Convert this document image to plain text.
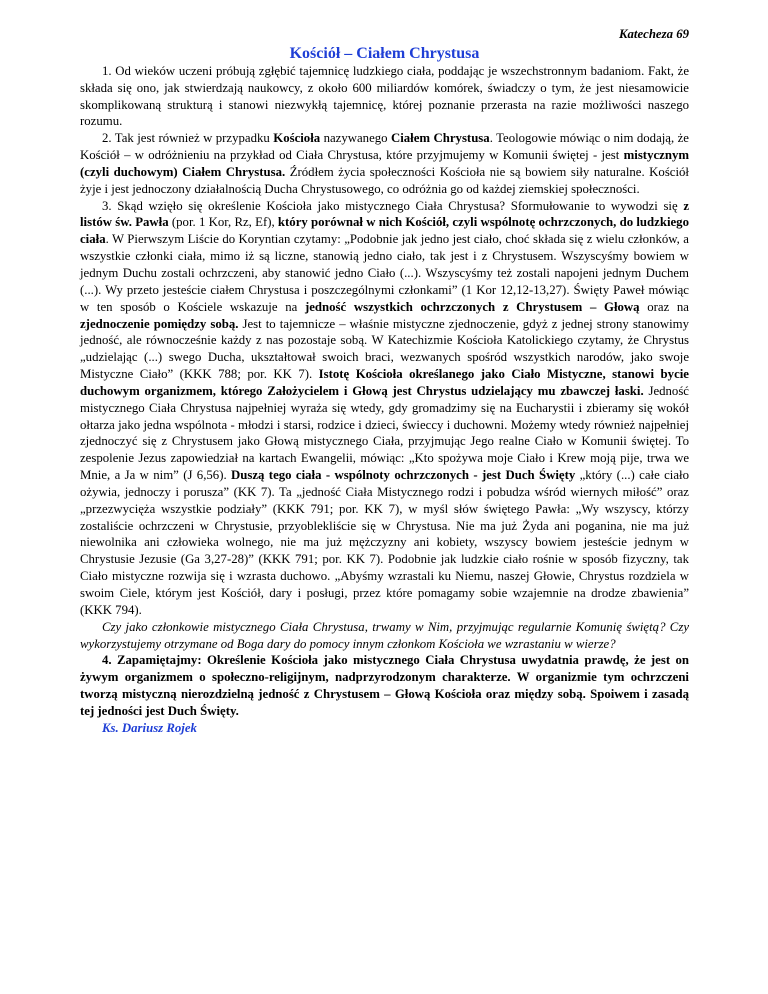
Katecheza 69
Kościół – Ciałem Chrystusa

1. Od wieków uczeni próbują zgłębić tajemnicę ludzkiego ciała, poddając je wszechstronnym badaniom. Fakt, że składa się ono, jak stwierdzają naukowcy, z około 600 miliardów komórek, świadczy o tym, że jest niesamowicie skomplikowaną strukturą i stanowi niezwykłą tajemnicę, której poznanie przerasta na razie możliwości naszego rozumu.

2. Tak jest również w przypadku Kościoła nazywanego Ciałem Chrystusa. Teologowie mówiąc o nim dodają, że Kościół – w odróżnieniu na przykład od Ciała Chrystusa, które przyjmujemy w Komunii świętej - jest mistycznym (czyli duchowym) Ciałem Chrystusa. Źródłem życia społeczności Kościoła nie są bowiem siły naturalne. Kościół żyje i jest jednoczony działalnością Ducha Chrystusowego, co odróżnia go od każdej ziemskiej społeczności.

3. Skąd wzięło się określenie Kościoła jako mistycznego Ciała Chrystusa? Sformułowanie to wywodzi się z listów św. Pawła (por. 1 Kor, Rz, Ef), który porównał w nich Kościół, czyli wspólnotę ochrzczonych, do ludzkiego ciała. W Pierwszym Liście do Koryntian czytamy: „Podobnie jak jedno jest ciało, choć składa się z wielu członków, a wszystkie członki ciała, mimo iż są liczne, stanowią jedno ciało, tak jest i z Chrystusem. Wszyscyśmy bowiem w jednym Duchu zostali ochrzczeni, aby stanowić jedno Ciało (...). Wszyscyśmy też zostali napojeni jednym Duchem (...). Wy przeto jesteście ciałem Chrystusa i poszczególnymi członkami” (1 Kor 12,12-13,27). Święty Paweł mówiąc w ten sposób o Kościele wskazuje na jedność wszystkich ochrzczonych z Chrystusem – Głową oraz na zjednoczenie pomiędzy sobą. Jest to tajemnicze – właśnie mistyczne zjednoczenie, gdyż z jednej strony stanowimy jedność, ale równocześnie każdy z nas pozostaje sobą. W Katechizmie Kościoła Katolickiego czytamy, że Chrystus „udzielając (...) swego Ducha, ukształtował swoich braci, wezwanych spośród wszystkich narodów, jako swoje Mistyczne Ciało” (KKK 788; por. KK 7). Istotę Kościoła określanego jako Ciało Mistyczne, stanowi bycie duchowym organizmem, którego Założycielem i Głową jest Chrystus udzielający mu zbawczej łaski. Jedność mistycznego Ciała Chrystusa najpełniej wyraża się wtedy, gdy gromadzimy się na Eucharystii i zbieramy się wokół ołtarza jako jedna wspólnota - młodzi i starsi, rodzice i dzieci, świeccy i duchowni. Możemy wtedy również najpełniej zjednoczyć się z Chrystusem jako Głową mistycznego Ciała, przyjmując Jego realne Ciało w Komunii świętej. To zespolenie Jezus zapowiedział na kartach Ewangelii, mówiąc: „Kto spożywa moje Ciało i Krew moją pije, trwa we Mnie, a Ja w nim” (J 6,56). Duszą tego ciała - wspólnoty ochrzczonych - jest Duch Święty „który (...) całe ciało ożywia, jednoczy i porusza” (KK 7). Ta „jedność Ciała Mistycznego rodzi i pobudza wśród wiernych miłość” oraz „przezwycięża wszystkie podziały” (KKK 791; por. KK 7), w myśl słów świętego Pawła: „Wy wszyscy, którzy zostaliście ochrzczeni w Chrystusie, przyoblekliście się w Chrystusa. Nie ma już Żyda ani poganina, nie ma już niewolnika ani człowieka wolnego, nie ma już mężczyzny ani kobiety, wszyscy bowiem jesteście jednym w Chrystusie Jezusie (Ga 3,27-28)” (KKK 791; por. KK 7). Podobnie jak ludzkie ciało rośnie w sposób fizyczny, tak Ciało mistyczne rozwija się i wzrasta duchowo. „Abyśmy wzrastali ku Niemu, naszej Głowie, Chrystus rozdziela w swoim Ciele, którym jest Kościół, dary i posługi, przez które pomagamy sobie wzajemnie na drodze zbawienia” (KKK 794).

Czy jako członkowie mistycznego Ciała Chrystusa, trwamy w Nim, przyjmując regularnie Komunię świętą? Czy wykorzystujemy otrzymane od Boga dary do pomocy innym członkom Kościoła we wzrastaniu w wierze?

4. Zapamiętajmy: Określenie Kościoła jako mistycznego Ciała Chrystusa uwydatnia prawdę, że jest on żywym organizmem o społeczno-religijnym, nadprzyrodzonym charakterze. W organizmie tym ochrzczeni tworzą mistyczną nierozdzielną jedność z Chrystusem – Głową Kościoła oraz między sobą. Spoiwem i zasadą tej jedności jest Duch Święty.

Ks. Dariusz Rojek
